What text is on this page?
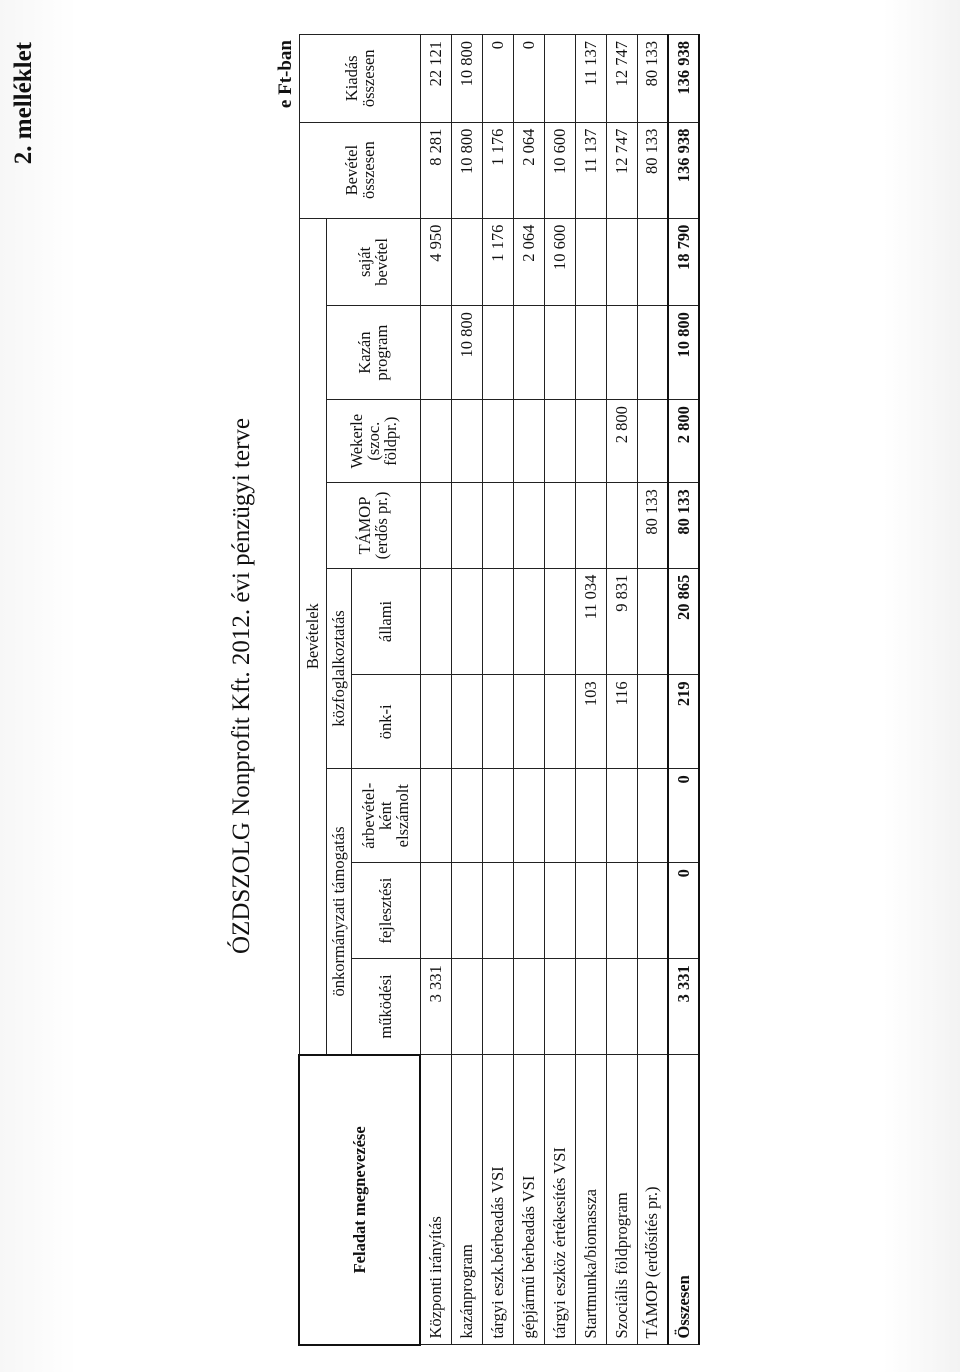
2. melléklet
ÓZDSZOLG Nonprofit Kft. 2012. évi pénzügyi terve
e Ft-ban
Feladat megnevezése	Bevételek									Bevétel összesen	Kiadás összesen
	önkormányzati támogatás			közfoglalkoztatás		TÁMOP (erdős pr.)	Wekerle (szoc. földpr.)	Kazán program	saját bevétel		
	működési	fejlesztési	árbevétel-ként elszámolt	önk-i	állami						
Központi irányítás	3 331								4 950	8 281	22 121
kazánprogram								10 800		10 800	10 800
tárgyi eszk.bérbeadás VSI									1 176	1 176	0
gépjármű bérbeadás VSI									2 064	2 064	0
tárgyi eszköz értékesítés VSI									10 600	10 600	
Startmunka/biomassza				103	11 034					11 137	11 137
Szociális földprogram				116	9 831		2 800			12 747	12 747
TÁMOP (erdősítés pr.)						80 133				80 133	80 133
Összesen	3 331	0	0	219	20 865	80 133	2 800	10 800	18 790	136 938	136 938
